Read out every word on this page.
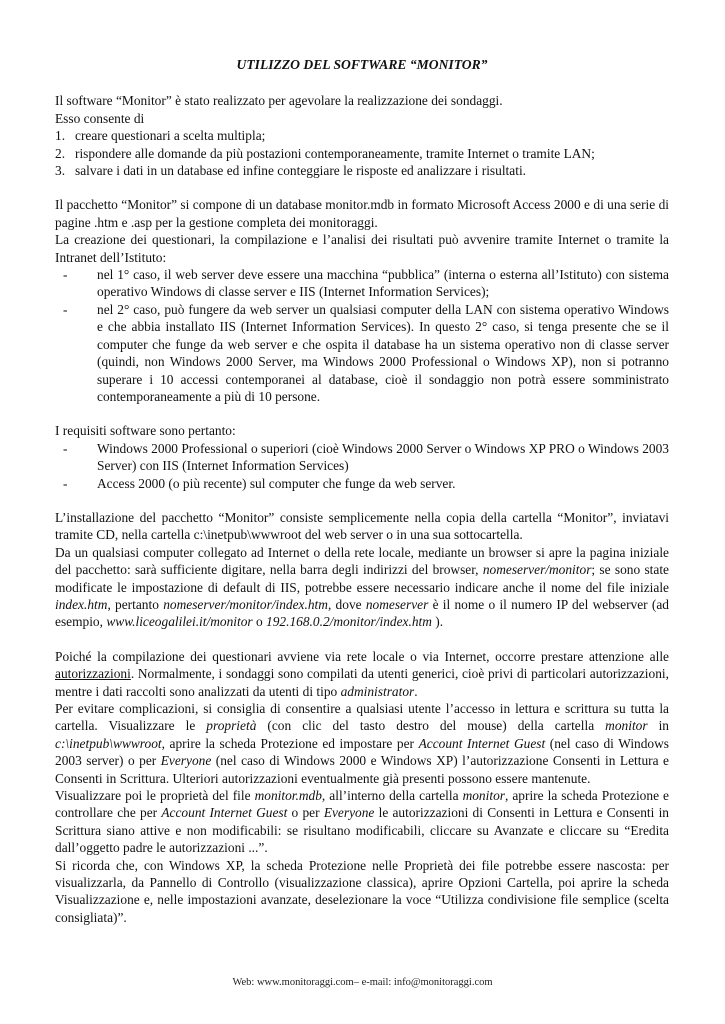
UTILIZZO DEL SOFTWARE “MONITOR”

Il software “Monitor” è stato realizzato per agevolare la realizzazione dei sondaggi.

Esso consente di

1. creare questionari a scelta multipla;
2. rispondere alle domande da più postazioni contemporaneamente, tramite Internet o tramite LAN;
3. salvare i dati in un database ed infine conteggiare le risposte ed analizzare i risultati.

Il pacchetto “Monitor” si compone di un database monitor.mdb in formato Microsoft Access 2000 e di una serie di pagine .htm e .asp per la gestione completa dei monitoraggi.

La creazione dei questionari, la compilazione e l’analisi dei risultati può avvenire tramite Internet o tramite la Intranet dell’Istituto:

-	nel 1° caso, il web server deve essere una macchina “pubblica” (interna o esterna all’Istituto) con sistema operativo Windows di classe server e IIS (Internet Information Services);
-	nel 2° caso, può fungere da web server un qualsiasi computer della LAN con sistema operativo Windows e che abbia installato IIS (Internet Information Services). In questo 2° caso, si tenga presente che se il computer che funge da web server e che ospita il database ha un sistema operativo non di classe server (quindi, non Windows 2000 Server, ma Windows 2000 Professional o Windows XP), non si potranno superare i 10 accessi contemporanei al database, cioè il sondaggio non potrà essere somministrato contemporaneamente a più di 10 persone.

I requisiti software sono pertanto:

-	Windows 2000 Professional o superiori (cioè Windows 2000 Server o Windows XP PRO o Windows 2003 Server) con IIS (Internet Information Services)
-	Access 2000 (o più recente) sul computer che funge da web server.

L’installazione del pacchetto “Monitor” consiste semplicemente nella copia della cartella “Monitor”, inviatavi tramite CD, nella cartella c:\inetpub\wwwroot del web server o in una sua sottocartella.

Da un qualsiasi computer collegato ad Internet o della rete locale, mediante un browser si apre la pagina iniziale del pacchetto: sarà sufficiente digitare, nella barra degli indirizzi del browser, nomeserver/monitor; se sono state modificate le impostazione di default di IIS, potrebbe essere necessario indicare anche il nome del file iniziale index.htm, pertanto nomeserver/monitor/index.htm, dove nomeserver è il nome o il numero IP del webserver (ad esempio, www.liceogalilei.it/monitor o 192.168.0.2/monitor/index.htm ).

Poiché la compilazione dei questionari avviene via rete locale o via Internet, occorre prestare attenzione alle autorizzazioni. Normalmente, i sondaggi sono compilati da utenti generici, cioè privi di particolari autorizzazioni, mentre i dati raccolti sono analizzati da utenti di tipo administrator.

Per evitare complicazioni, si consiglia di consentire a qualsiasi utente l’accesso in lettura e scrittura su tutta la cartella. Visualizzare le proprietà (con clic del tasto destro del mouse) della cartella monitor in c:\inetpub\wwwroot, aprire la scheda Protezione ed impostare per Account Internet Guest (nel caso di Windows 2003 server) o per Everyone (nel caso di Windows 2000 e Windows XP) l’autorizzazione Consenti in Lettura e Consenti in Scrittura. Ulteriori autorizzazioni eventualmente già presenti possono essere mantenute.

Visualizzare poi le proprietà del file monitor.mdb, all’interno della cartella monitor, aprire la scheda Protezione e controllare che per Account Internet Guest o per Everyone le autorizzazioni di Consenti in Lettura e Consenti in Scrittura siano attive e non modificabili: se risultano modificabili, cliccare su Avanzate e cliccare su “Eredita dall’oggetto padre le autorizzazioni ...”.

Si ricorda che, con Windows XP, la scheda Protezione nelle Proprietà dei file potrebbe essere nascosta: per visualizzarla, da Pannello di Controllo (visualizzazione classica), aprire Opzioni Cartella, poi aprire la scheda Visualizzazione e, nelle impostazioni avanzate, deselezionare la voce “Utilizza condivisione file semplice (scelta consigliata)”.

Web: www.monitoraggi.com– e-mail: info@monitoraggi.com
